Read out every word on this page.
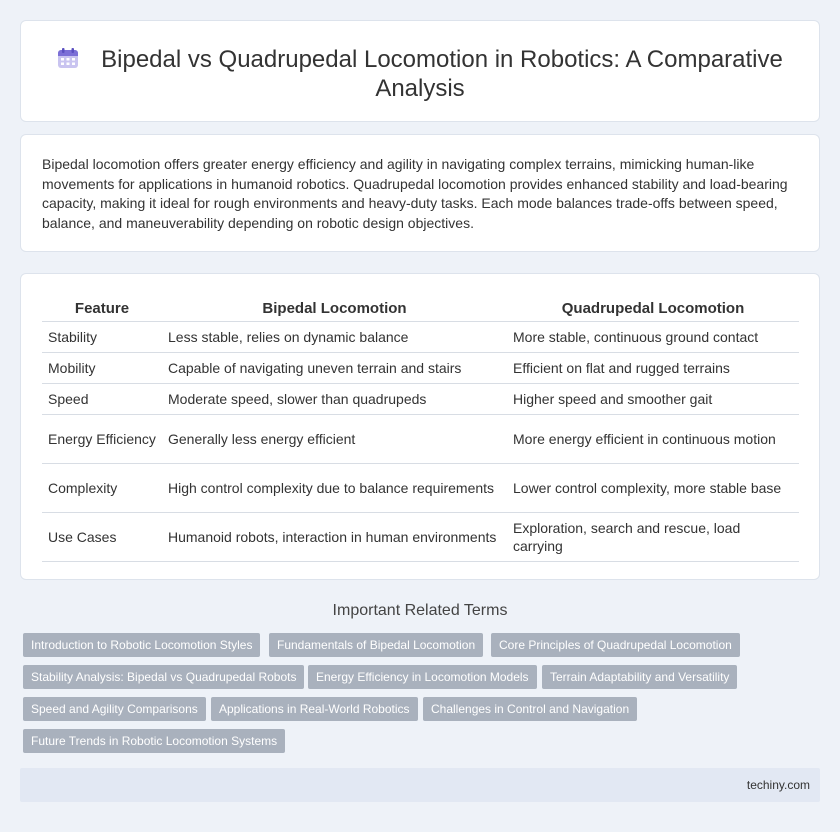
Bipedal vs Quadrupedal Locomotion in Robotics: A Comparative Analysis

Bipedal locomotion offers greater energy efficiency and agility in navigating complex terrains, mimicking human-like movements for applications in humanoid robotics. Quadrupedal locomotion provides enhanced stability and load-bearing capacity, making it ideal for rough environments and heavy-duty tasks. Each mode balances trade-offs between speed, balance, and maneuverability depending on robotic design objectives.

Feature	Bipedal Locomotion	Quadrupedal Locomotion
Stability	Less stable, relies on dynamic balance	More stable, continuous ground contact
Mobility	Capable of navigating uneven terrain and stairs	Efficient on flat and rugged terrains
Speed	Moderate speed, slower than quadrupeds	Higher speed and smoother gait
Energy Efficiency	Generally less energy efficient	More energy efficient in continuous motion
Complexity	High control complexity due to balance requirements	Lower control complexity, more stable base
Use Cases	Humanoid robots, interaction in human environments	Exploration, search and rescue, load carrying
Important Related Terms
Introduction to Robotic Locomotion Styles	Fundamentals of Bipedal Locomotion	Core Principles of Quadrupedal Locomotion
Stability Analysis: Bipedal vs Quadrupedal Robots	Energy Efficiency in Locomotion Models	Terrain Adaptability and Versatility
Speed and Agility Comparisons	Applications in Real-World Robotics	Challenges in Control and Navigation
Future Trends in Robotic Locomotion Systems
techiny.com
